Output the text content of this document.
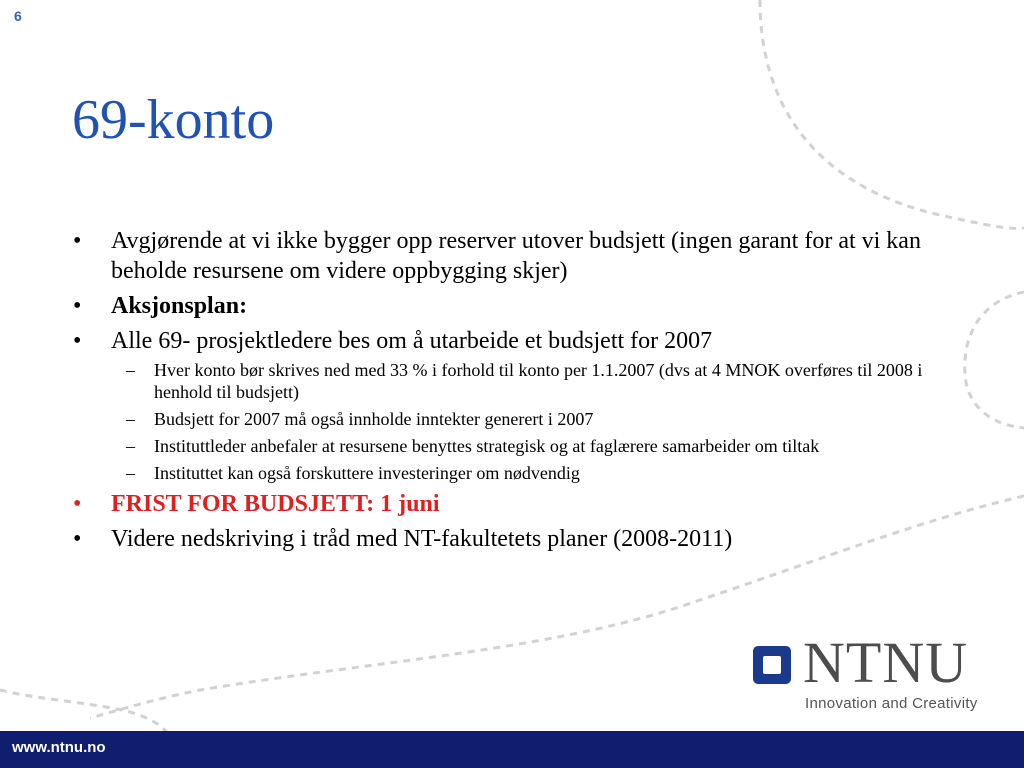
6
69-konto
• Avgjørende at vi ikke bygger opp reserver utover budsjett (ingen garant for at vi kan beholde resursene om videre oppbygging skjer)
• Aksjonsplan:
• Alle 69- prosjektledere bes om å utarbeide et budsjett for 2007
– Hver konto bør skrives ned med 33 % i forhold til konto per 1.1.2007 (dvs at 4 MNOK overføres til 2008 i henhold til budsjett)
– Budsjett for 2007 må også innholde inntekter generert i 2007
– Instituttleder anbefaler at resursene benyttes strategisk og at faglærere samarbeider om tiltak
– Instituttet kan også forskuttere investeringer om nødvendig
• FRIST FOR BUDSJETT: 1 juni
• Videre nedskriving i tråd med NT-fakultetets planer (2008-2011)
NTNU
Innovation and Creativity
www.ntnu.no
